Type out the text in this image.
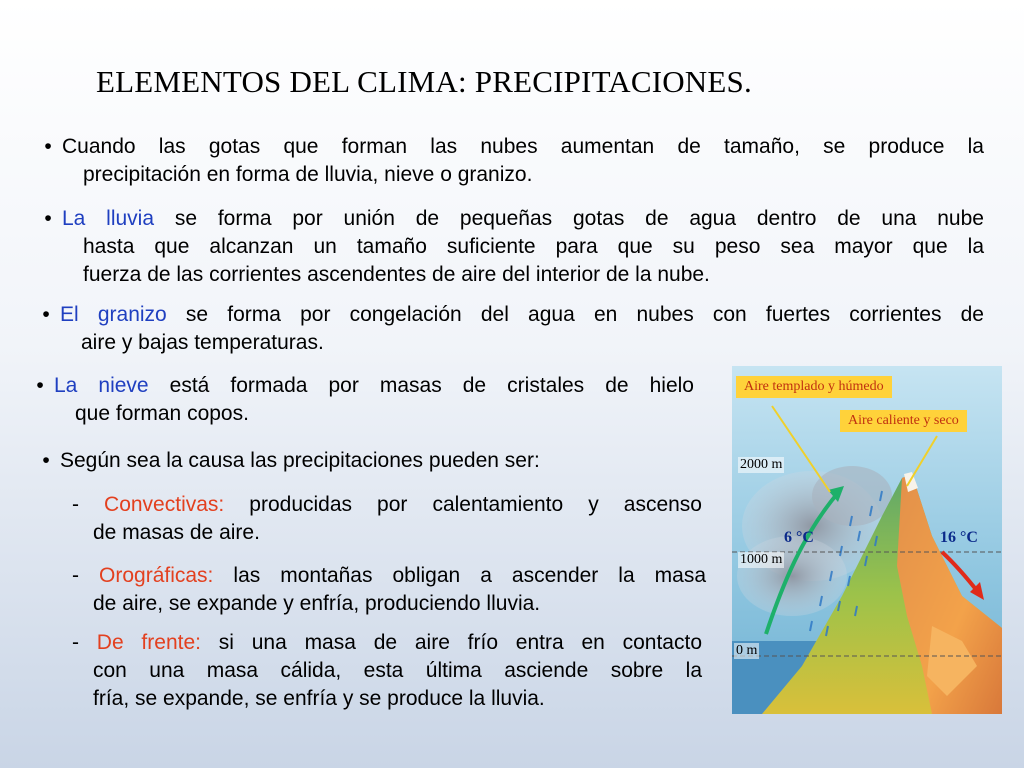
ELEMENTOS DEL CLIMA: PRECIPITACIONES.

• Cuando las gotas que forman las nubes aumentan de tamaño, se produce la
precipitación en forma de lluvia, nieve o granizo.

• La lluvia se forma por unión de pequeñas gotas de agua dentro de una nube
hasta que alcanzan un tamaño suficiente para que su peso sea mayor que la
fuerza de las corrientes ascendentes de aire del interior de la nube.

• El granizo se forma por congelación del agua en nubes con fuertes corrientes de
aire y bajas temperaturas.

• La nieve está formada por masas de cristales de hielo
que forman copos.

• Según sea la causa las precipitaciones pueden ser:

- Convectivas: producidas por calentamiento y ascenso
de masas de aire.

- Orográficas: las montañas obligan a ascender la masa
de aire, se expande y enfría, produciendo lluvia.

- De frente: si una masa de aire frío entra en contacto
con una masa cálida, esta última asciende sobre la
fría, se expande, se enfría y se produce la lluvia.

Aire templado y húmedo
Aire caliente y seco
2000 m
1000 m
0 m
6 °C	16 °C
